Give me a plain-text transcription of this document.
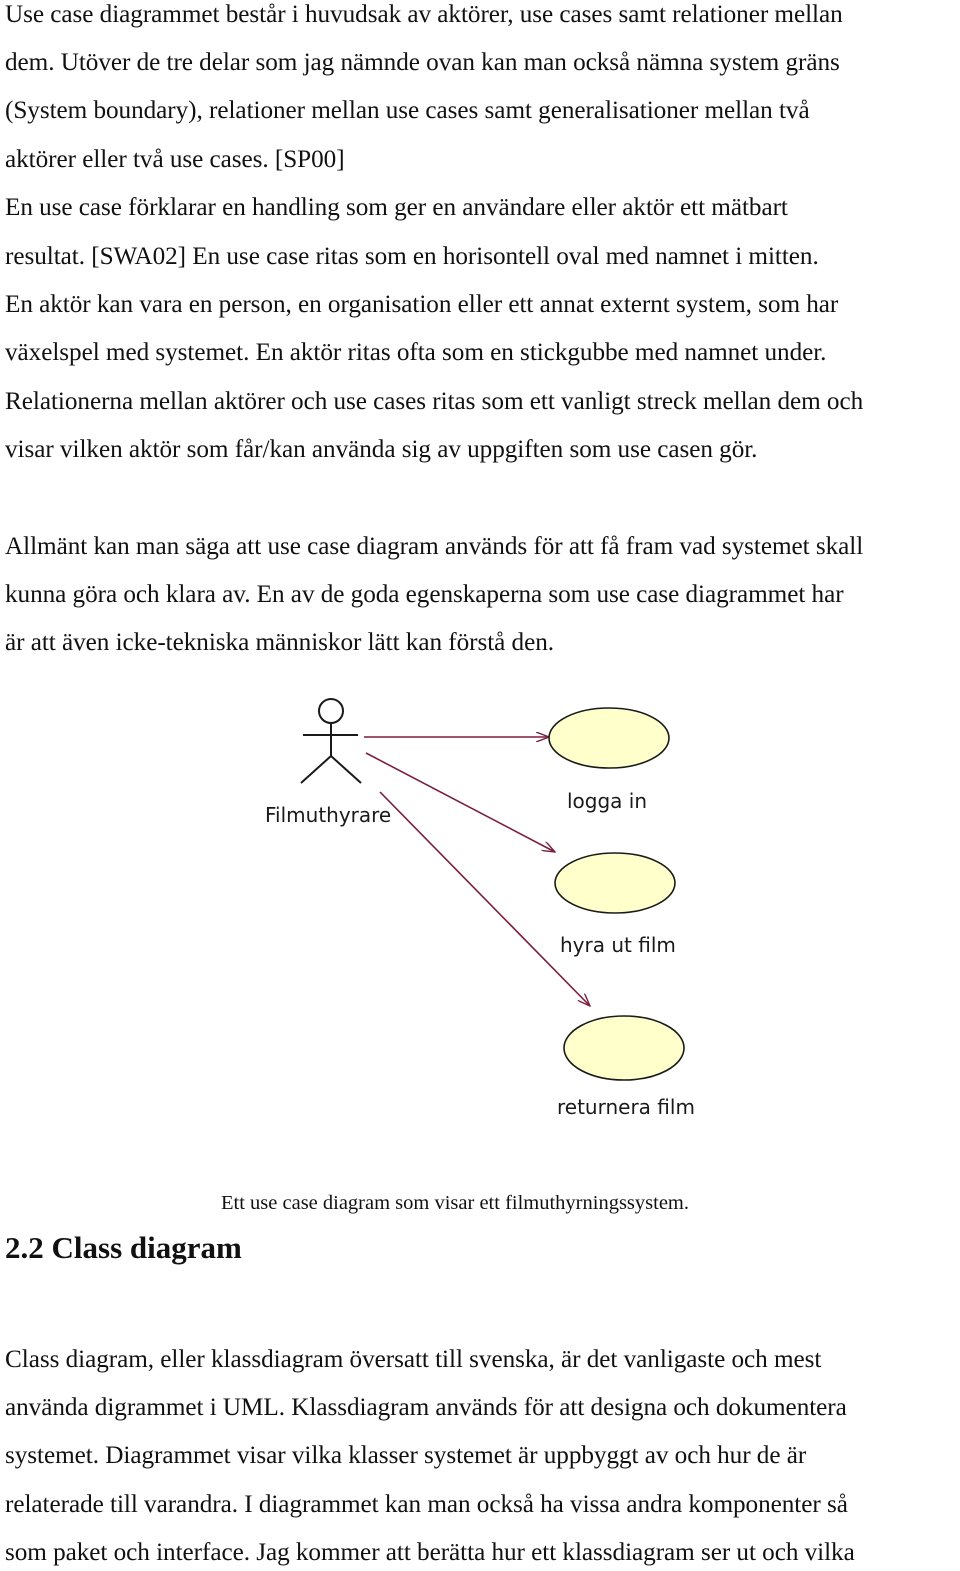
Use case diagrammet består i huvudsak av aktörer, use cases samt relationer mellan
dem. Utöver de tre delar som jag nämnde ovan kan man också nämna system gräns
(System boundary), relationer mellan use cases samt generalisationer mellan två
aktörer eller två use cases. [SP00]
En use case förklarar en handling som ger en användare eller aktör ett mätbart
resultat. [SWA02] En use case ritas som en horisontell oval med namnet i mitten.
En aktör kan vara en person, en organisation eller ett annat externt system, som har
växelspel med systemet. En aktör ritas ofta som en stickgubbe med namnet under.
Relationerna mellan aktörer och use cases ritas som ett vanligt streck mellan dem och
visar vilken aktör som får/kan använda sig av uppgiften som use casen gör.
Allmänt kan man säga att use case diagram används för att få fram vad systemet skall
kunna göra och klara av. En av de goda egenskaperna som use case diagrammet har
är att även icke-tekniska människor lätt kan förstå den.
Filmuthyrare
logga in
hyra ut film
returnera film
Ett use case diagram som visar ett filmuthyrningssystem.
2.2 Class diagram
Class diagram, eller klassdiagram översatt till svenska, är det vanligaste och mest
använda digrammet i UML. Klassdiagram används för att designa och dokumentera
systemet. Diagrammet visar vilka klasser systemet är uppbyggt av och hur de är
relaterade till varandra. I diagrammet kan man också ha vissa andra komponenter så
som paket och interface. Jag kommer att berätta hur ett klassdiagram ser ut och vilka
